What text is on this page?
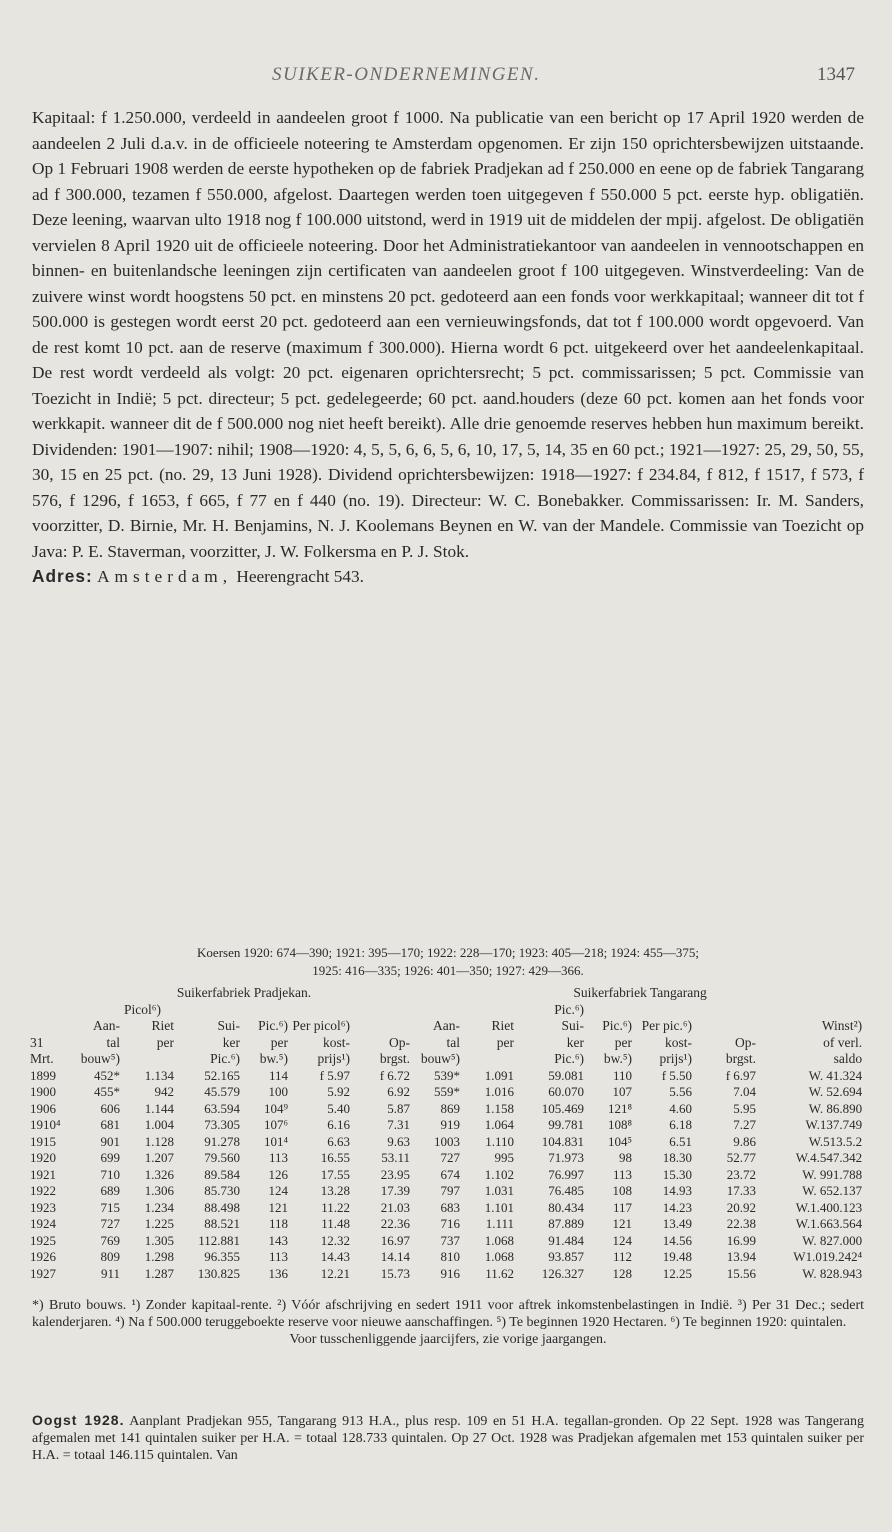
SUIKER-ONDERNEMINGEN.	1347

Kapitaal: f 1.250.000, verdeeld in aandeelen groot f 1000. Na publicatie van een bericht op 17 April 1920 werden de aandeelen 2 Juli d.a.v. in de officieele noteering te Amsterdam opgenomen. Er zijn 150 oprichtersbewijzen uitstaande. Op 1 Februari 1908 werden de eerste hypotheken op de fabriek Pradjekan ad f 250.000 en eene op de fabriek Tangarang ad f 300.000, tezamen f 550.000, afgelost. Daartegen werden toen uitgegeven f 550.000 5 pct. eerste hyp. obligatiën. Deze leening, waarvan ulto 1918 nog f 100.000 uitstond, werd in 1919 uit de middelen der mpij. afgelost. De obligatiën vervielen 8 April 1920 uit de officieele noteering. Door het Administratiekantoor van aandeelen in vennootschappen en binnen- en buitenlandsche leeningen zijn certificaten van aandeelen groot f 100 uitgegeven. Winstverdeeling: Van de zuivere winst wordt hoogstens 50 pct. en minstens 20 pct. gedoteerd aan een fonds voor werkkapitaal; wanneer dit tot f 500.000 is gestegen wordt eerst 20 pct. gedoteerd aan een vernieuwingsfonds, dat tot f 100.000 wordt opgevoerd. Van de rest komt 10 pct. aan de reserve (maximum f 300.000). Hierna wordt 6 pct. uitgekeerd over het aandeelenkapitaal. De rest wordt verdeeld als volgt: 20 pct. eigenaren oprichtersrecht; 5 pct. commissarissen; 5 pct. Commissie van Toezicht in Indië; 5 pct. directeur; 5 pct. gedelegeerde; 60 pct. aand.houders (deze 60 pct. komen aan het fonds voor werkkapit. wanneer dit de f 500.000 nog niet heeft bereikt). Alle drie genoemde reserves hebben hun maximum bereikt. Dividenden: 1901—1907: nihil; 1908—1920: 4, 5, 5, 6, 6, 5, 6, 10, 17, 5, 14, 35 en 60 pct.; 1921—1927: 25, 29, 50, 55, 30, 15 en 25 pct. (no. 29, 13 Juni 1928). Dividend oprichtersbewijzen: 1918—1927: f 234.84, f 812, f 1517, f 573, f 576, f 1296, f 1653, f 665, f 77 en f 440 (no. 19). Directeur: W. C. Bonebakker. Commissarissen: Ir. M. Sanders, voorzitter, D. Birnie, Mr. H. Benjamins, N. J. Koolemans Beynen en W. van der Mandele. Commissie van Toezicht op Java: P. E. Staverman, voorzitter, J. W. Folkersma en P. J. Stok.

Adres: Amsterdam, Heerengracht 543.

Koersen 1920: 674—390; 1921: 395—170; 1922: 228—170; 1923: 405—218; 1924: 455—375;
1925: 416—335; 1926: 401—350; 1927: 429—366.
	Suikerfabriek Pradjekan.						Suikerfabriek Tangarang						
		Picol⁶)						Pic.⁶)					
	Aan-	Riet	Sui-	Pic.⁶)	Per picol⁶)		Aan-	Riet	Sui-	Pic.⁶)	Per pic.⁶)		Winst²)
31	tal	per	ker	per	kost-	Op-	tal	per	ker	per	kost-	Op-	of verl.
Mrt.	bouw⁵)		Pic.⁶)	bw.⁵)	prijs¹)	brgst.	bouw⁵)		Pic.⁶)	bw.⁵)	prijs¹)	brgst.	saldo
1899	452*	1.134	52.165	114	f 5.97	f 6.72	539*	1.091	59.081	110	f 5.50	f 6.97	W. 41.324
1900	455*	942	45.579	100	5.92	6.92	559*	1.016	60.070	107	5.56	7.04	W. 52.694
1906	606	1.144	63.594	104⁹	5.40	5.87	869	1.158	105.469	121⁸	4.60	5.95	W. 86.890
1910⁴	681	1.004	73.305	107⁶	6.16	7.31	919	1.064	99.781	108⁸	6.18	7.27	W.137.749
1915	901	1.128	91.278	101⁴	6.63	9.63	1003	1.110	104.831	104⁵	6.51	9.86	W.513.5.2
1920	699	1.207	79.560	113	16.55	53.11	727	995	71.973	98	18.30	52.77	W.4.547.342
1921	710	1.326	89.584	126	17.55	23.95	674	1.102	76.997	113	15.30	23.72	W. 991.788
1922	689	1.306	85.730	124	13.28	17.39	797	1.031	76.485	108	14.93	17.33	W. 652.137
1923	715	1.234	88.498	121	11.22	21.03	683	1.101	80.434	117	14.23	20.92	W.1.400.123
1924	727	1.225	88.521	118	11.48	22.36	716	1.111	87.889	121	13.49	22.38	W.1.663.564
1925	769	1.305	112.881	143	12.32	16.97	737	1.068	91.484	124	14.56	16.99	W. 827.000
1926	809	1.298	96.355	113	14.43	14.14	810	1.068	93.857	112	19.48	13.94	W1.019.242⁴
1927	911	1.287	130.825	136	12.21	15.73	916	11.62	126.327	128	12.25	15.56	W. 828.943

*) Bruto bouws. ¹) Zonder kapitaal-rente. ²) Vóór afschrijving en sedert 1911 voor aftrek inkomstenbelastingen in Indië. ³) Per 31 Dec.; sedert kalenderjaren. ⁴) Na f 500.000 teruggeboekte reserve voor nieuwe aanschaffingen. ⁵) Te beginnen 1920 Hectaren. ⁶) Te beginnen 1920: quintalen.

Voor tusschenliggende jaarcijfers, zie vorige jaargangen.

Oogst 1928. Aanplant Pradjekan 955, Tangarang 913 H.A., plus resp. 109 en 51 H.A. tegallan-gronden. Op 22 Sept. 1928 was Tangerang afgemalen met 141 quintalen suiker per H.A. = totaal 128.733 quintalen. Op 27 Oct. 1928 was Pradjekan afgemalen met 153 quintalen suiker per H.A. = totaal 146.115 quintalen. Van
